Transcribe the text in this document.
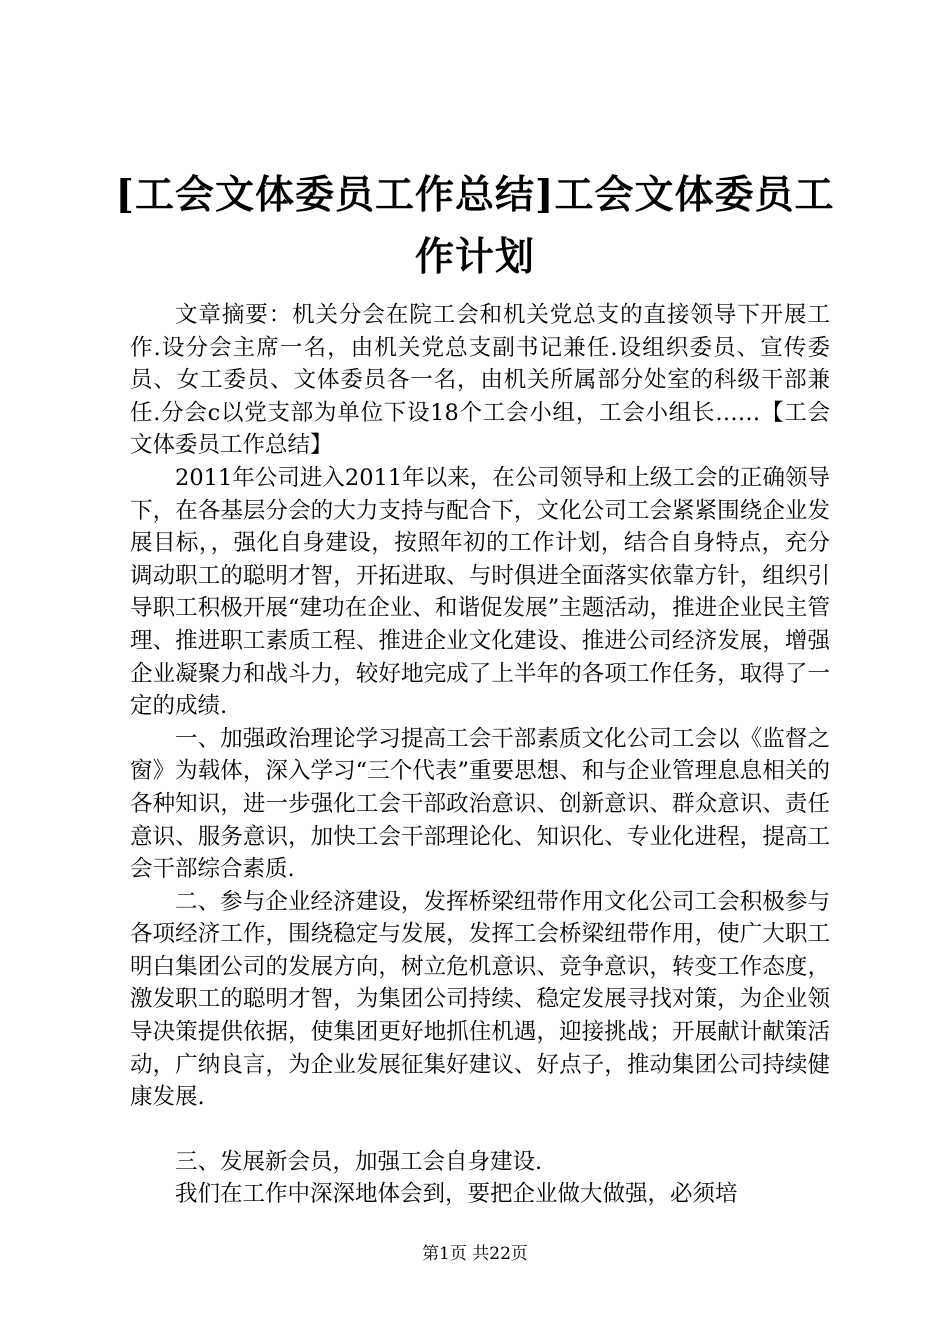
[工会文体委员工作总结]工会文体委员工作计划

文章摘要：机关分会在院工会和机关党总支的直接领导下开展工作.设分会主席一名，由机关党总支副书记兼任.设组织委员、宣传委员、女工委员、文体委员各一名，由机关所属部分处室的科级干部兼任.分会c以党支部为单位下设18个工会小组，工会小组长……【工会文体委员工作总结】

2011年公司进入2011年以来，在公司领导和上级工会的正确领导下，在各基层分会的大力支持与配合下，文化公司工会紧紧围绕企业发展目标，，强化自身建设，按照年初的工作计划，结合自身特点，充分调动职工的聪明才智，开拓进取、与时俱进全面落实依靠方针，组织引导职工积极开展“建功在企业、和谐促发展”主题活动，推进企业民主管理、推进职工素质工程、推进企业文化建设、推进公司经济发展，增强企业凝聚力和战斗力，较好地完成了上半年的各项工作任务，取得了一定的成绩.

一、加强政治理论学习提高工会干部素质文化公司工会以《监督之窗》为载体，深入学习“三个代表”重要思想、和与企业管理息息相关的各种知识，进一步强化工会干部政治意识、创新意识、群众意识、责任意识、服务意识，加快工会干部理论化、知识化、专业化进程，提高工会干部综合素质.

二、参与企业经济建设，发挥桥梁纽带作用文化公司工会积极参与各项经济工作，围绕稳定与发展，发挥工会桥梁纽带作用，使广大职工明白集团公司的发展方向，树立危机意识、竞争意识，转变工作态度，激发职工的聪明才智，为集团公司持续、稳定发展寻找对策，为企业领导决策提供依据，使集团更好地抓住机遇，迎接挑战；开展献计献策活动，广纳良言，为企业发展征集好建议、好点子，推动集团公司持续健康发展.

三、发展新会员，加强工会自身建设.

我们在工作中深深地体会到，要把企业做大做强，必须培

第1页 共22页
